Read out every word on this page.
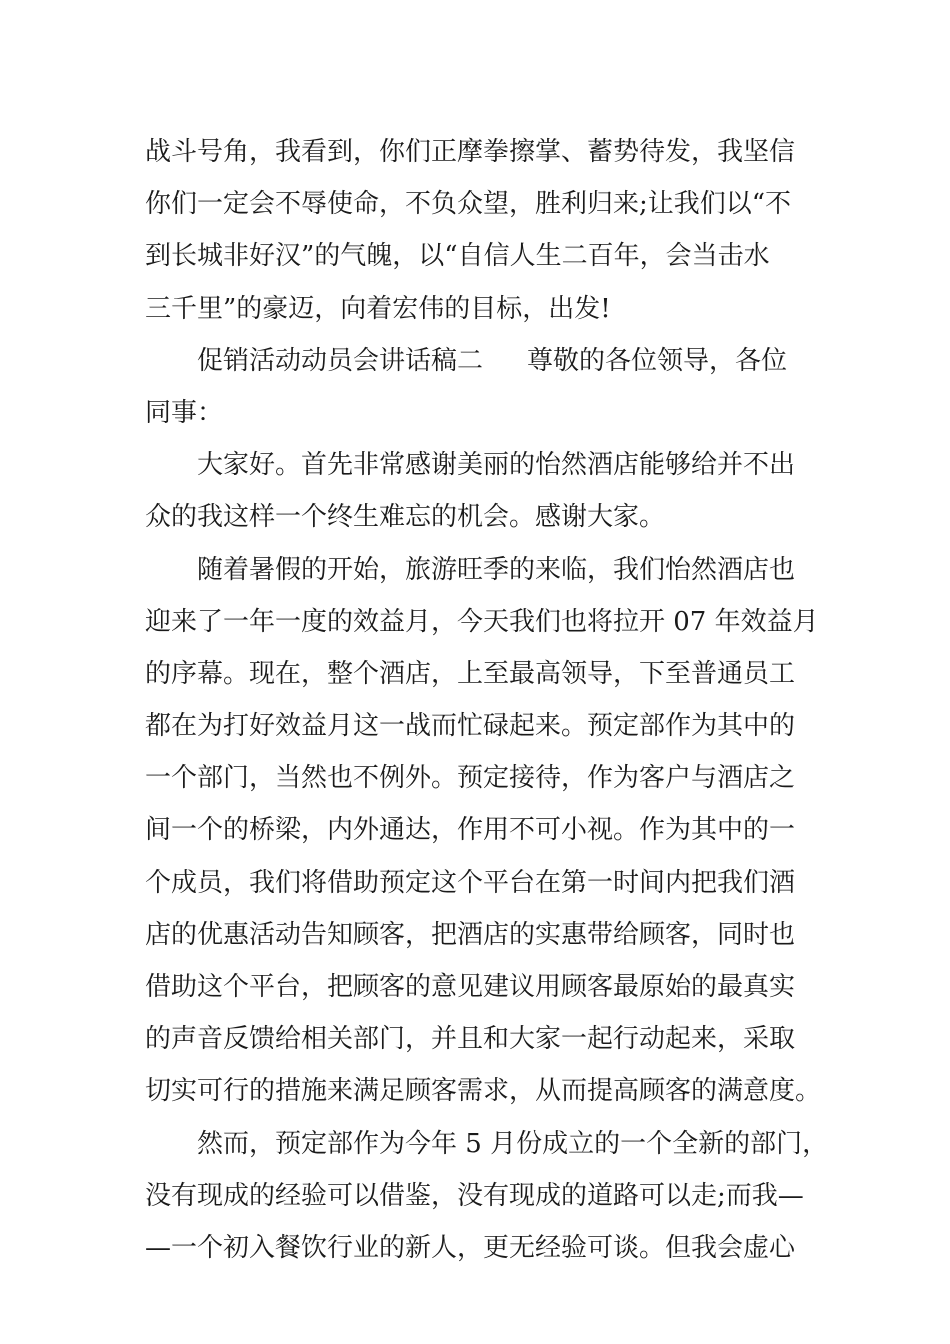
战斗号角，我看到，你们正摩拳擦掌、蓄势待发，我坚信
你们一定会不辱使命，不负众望，胜利归来;让我们以“不
到长城非好汉”的气魄，以“自信人生二百年，会当击水
三千里”的豪迈，向着宏伟的目标，出发!
促销活动动员会讲话稿二 尊敬的各位领导，各位
同事：
大家好。首先非常感谢美丽的怡然酒店能够给并不出
众的我这样一个终生难忘的机会。感谢大家。
随着暑假的开始，旅游旺季的来临，我们怡然酒店也
迎来了一年一度的效益月，今天我们也将拉开 07 年效益月
的序幕。现在，整个酒店，上至最高领导，下至普通员工
都在为打好效益月这一战而忙碌起来。预定部作为其中的
一个部门，当然也不例外。预定接待，作为客户与酒店之
间一个的桥梁，内外通达，作用不可小视。作为其中的一
个成员，我们将借助预定这个平台在第一时间内把我们酒
店的优惠活动告知顾客，把酒店的实惠带给顾客，同时也
借助这个平台，把顾客的意见建议用顾客最原始的最真实
的声音反馈给相关部门，并且和大家一起行动起来，采取
切实可行的措施来满足顾客需求，从而提高顾客的满意度。
然而，预定部作为今年 5 月份成立的一个全新的部门，
没有现成的经验可以借鉴，没有现成的道路可以走;而我—
—一个初入餐饮行业的新人，更无经验可谈。但我会虚心
